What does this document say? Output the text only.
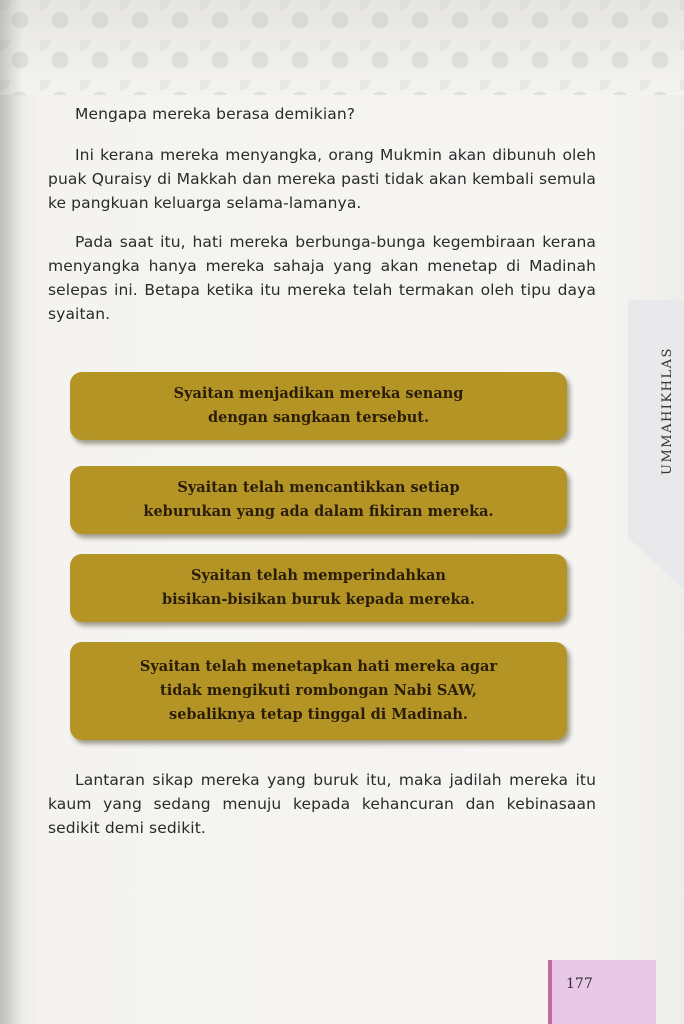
Mengapa mereka berasa demikian?

Ini kerana mereka menyangka, orang Mukmin akan dibunuh oleh puak Quraisy di Makkah dan mereka pasti tidak akan kembali semula ke pangkuan keluarga selama-lamanya.

Pada saat itu, hati mereka berbunga-bunga kegembiraan kerana menyangka hanya mereka sahaja yang akan menetap di Madinah selepas ini. Betapa ketika itu mereka telah termakan oleh tipu daya syaitan.

Syaitan menjadikan mereka senang
dengan sangkaan tersebut.
Syaitan telah mencantikkan setiap
keburukan yang ada dalam fikiran mereka.
Syaitan telah memperindahkan
bisikan-bisikan buruk kepada mereka.
Syaitan telah menetapkan hati mereka agar
tidak mengikuti rombongan Nabi SAW,
sebaliknya tetap tinggal di Madinah.

Lantaran sikap mereka yang buruk itu, maka jadilah mereka itu kaum yang sedang menuju kepada kehancuran dan kebinasaan sedikit demi sedikit.

UMMAHIKHLAS
177
